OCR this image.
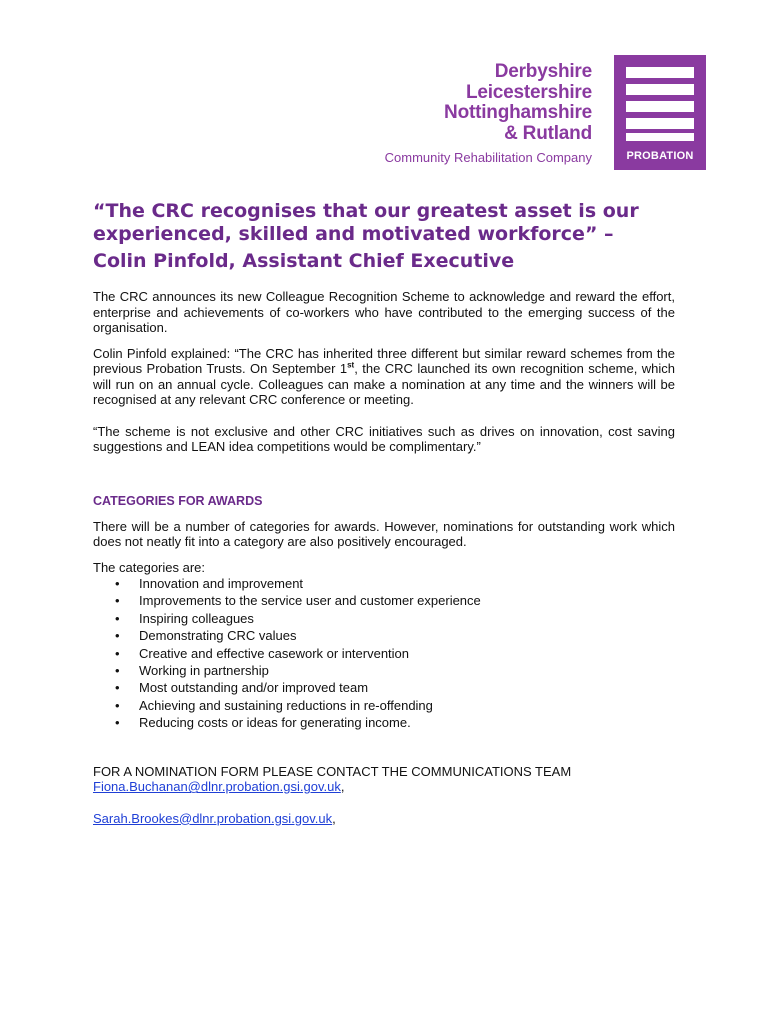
Derbyshire
Leicestershire
Nottinghamshire
& Rutland
Community Rehabilitation Company	PROBATION

“The CRC recognises that our greatest asset is our experienced, skilled and motivated workforce” –

Colin Pinfold, Assistant Chief Executive

The CRC announces its new Colleague Recognition Scheme to acknowledge and reward the effort, enterprise and achievements of co-workers who have contributed to the emerging success of the organisation.

Colin Pinfold explained: “The CRC has inherited three different but similar reward schemes from the previous Probation Trusts. On September 1st, the CRC launched its own recognition scheme, which will run on an annual cycle. Colleagues can make a nomination at any time and the winners will be recognised at any relevant CRC conference or meeting.

“The scheme is not exclusive and other CRC initiatives such as drives on innovation, cost saving suggestions and LEAN idea competitions would be complimentary.”

CATEGORIES FOR AWARDS

There will be a number of categories for awards. However, nominations for outstanding work which does not neatly fit into a category are also positively encouraged.

The categories are:

• Innovation and improvement
• Improvements to the service user and customer experience
• Inspiring colleagues
• Demonstrating CRC values
• Creative and effective casework or intervention
• Working in partnership
• Most outstanding and/or improved team
• Achieving and sustaining reductions in re-offending
• Reducing costs or ideas for generating income.

FOR A NOMINATION FORM PLEASE CONTACT THE COMMUNICATIONS TEAM

Fiona.Buchanan@dlnr.probation.gsi.gov.uk,

Sarah.Brookes@dlnr.probation.gsi.gov.uk,
